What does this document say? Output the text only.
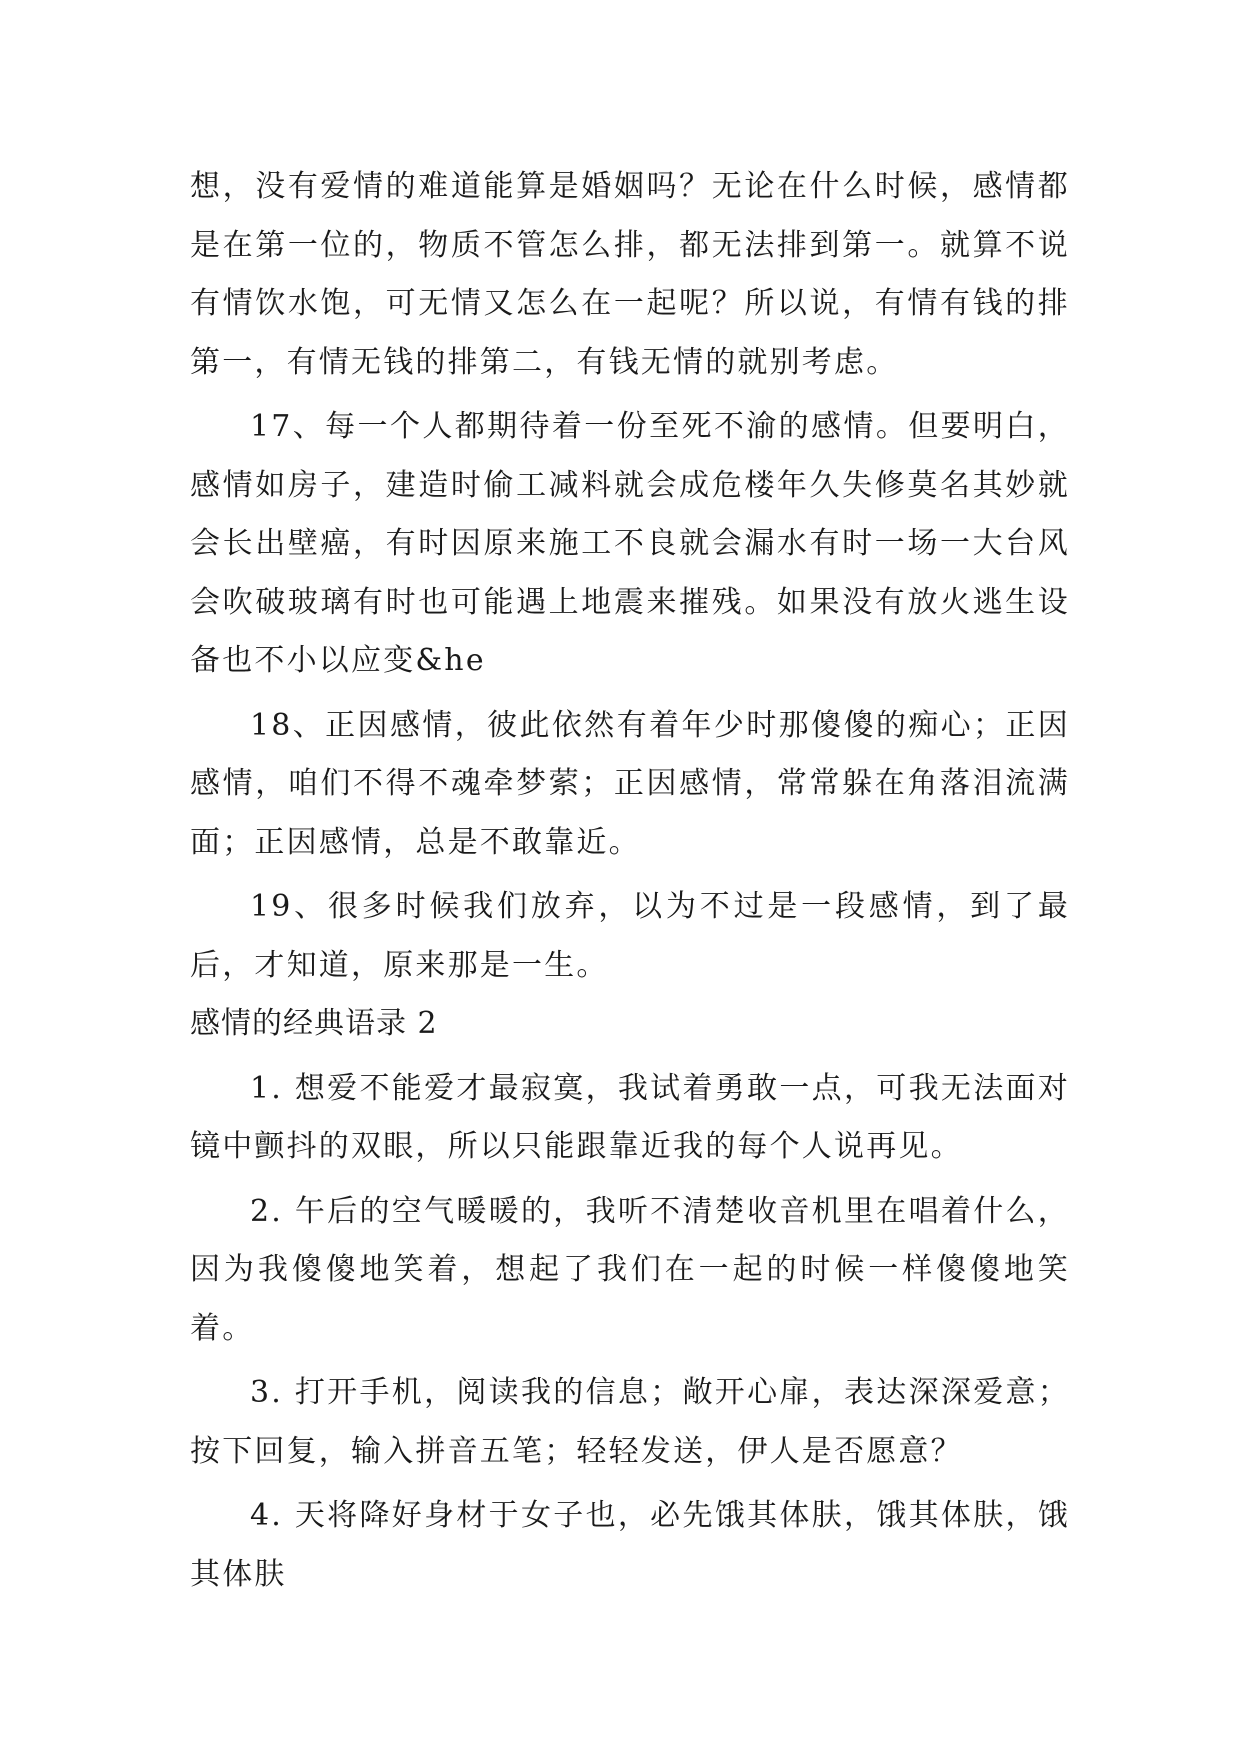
想，没有爱情的难道能算是婚姻吗？无论在什么时候，感情都是在第一位的，物质不管怎么排，都无法排到第一。就算不说有情饮水饱，可无情又怎么在一起呢？所以说，有情有钱的排第一，有情无钱的排第二，有钱无情的就别考虑。

17、每一个人都期待着一份至死不渝的感情。但要明白，感情如房子，建造时偷工减料就会成危楼年久失修莫名其妙就会长出壁癌，有时因原来施工不良就会漏水有时一场一大台风会吹破玻璃有时也可能遇上地震来摧残。如果没有放火逃生设备也不小以应变&he

18、正因感情，彼此依然有着年少时那傻傻的痴心；正因感情，咱们不得不魂牵梦萦；正因感情，常常躲在角落泪流满面；正因感情，总是不敢靠近。

19、很多时候我们放弃，以为不过是一段感情，到了最后，才知道，原来那是一生。

感情的经典语录 2

1. 想爱不能爱才最寂寞，我试着勇敢一点，可我无法面对镜中颤抖的双眼，所以只能跟靠近我的每个人说再见。

2. 午后的空气暖暖的，我听不清楚收音机里在唱着什么，因为我傻傻地笑着，想起了我们在一起的时候一样傻傻地笑着。

3. 打开手机，阅读我的信息；敞开心扉，表达深深爱意；按下回复，输入拼音五笔；轻轻发送，伊人是否愿意？

4. 天将降好身材于女子也，必先饿其体肤，饿其体肤，饿其体肤
